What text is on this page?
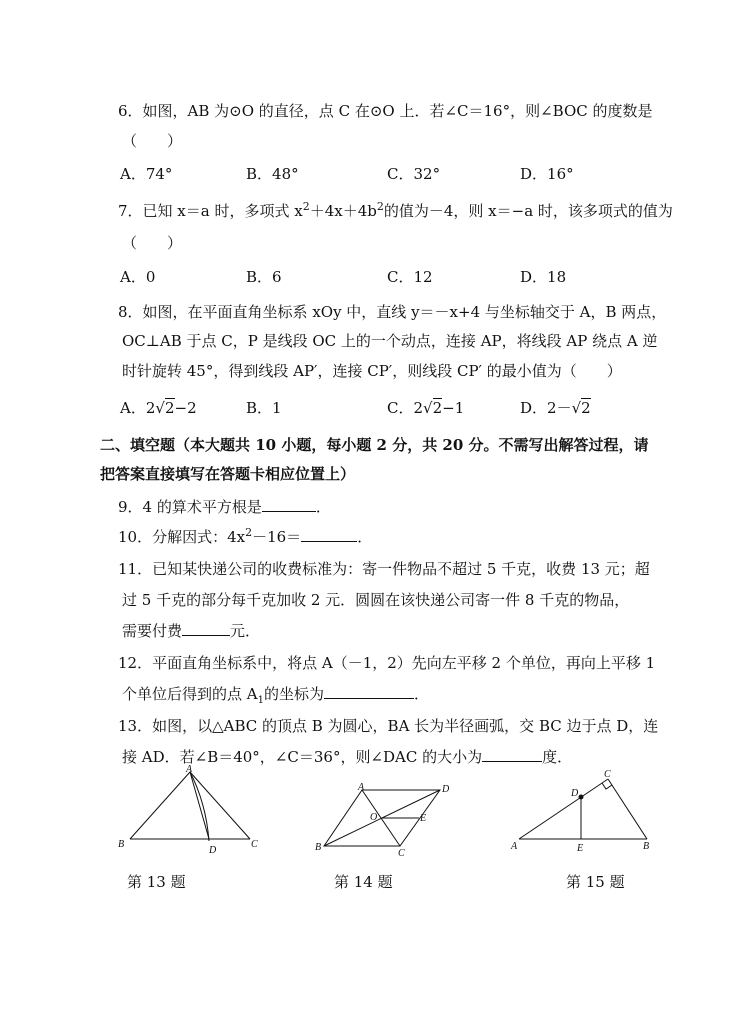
6．如图，AB 为⊙O 的直径，点 C 在⊙O 上．若∠C＝16°，则∠BOC 的度数是
（　　）
A．74°	B．48°	C．32°	D．16°
7．已知 x＝a 时，多项式 x2＋4x＋4b2的值为－4，则 x＝−a 时，该多项式的值为
（　　）
A．0	B．6	C．12	D．18
8．如图，在平面直角坐标系 xOy 中，直线 y＝－x+4 与坐标轴交于 A，B 两点，
OC⊥AB 于点 C，P 是线段 OC 上的一个动点，连接 AP，将线段 AP 绕点 A 逆
时针旋转 45°，得到线段 AP′，连接 CP′，则线段 CP′ 的最小值为（　　）
A．2√2−2	B．1	C．2√2−1	D．2－√2
二、填空题（本大题共 10 小题，每小题 2 分，共 20 分。不需写出解答过程，请
把答案直接填写在答题卡相应位置上）
9．4 的算术平方根是	．
10．分解因式：4x2－16＝	．
11．已知某快递公司的收费标准为：寄一件物品不超过 5 千克，收费 13 元；超
过 5 千克的部分每千克加收 2 元．圆圆在该快递公司寄一件 8 千克的物品，
需要付费	元．
12．平面直角坐标系中，将点 A（－1，2）先向左平移 2 个单位，再向上平移 1
个单位后得到的点 $A_1$的坐标为	．
13．如图，以△ABC 的顶点 B 为圆心，BA 长为半径画弧，交 BC 边于点 D，连
接 AD．若∠B＝40°，∠C＝36°，则∠DAC 的大小为	度．
A
B
D
C
第 13 题
A	D
O	E
B
C
第 14 题
C
D
A	E	B
第 15 题
